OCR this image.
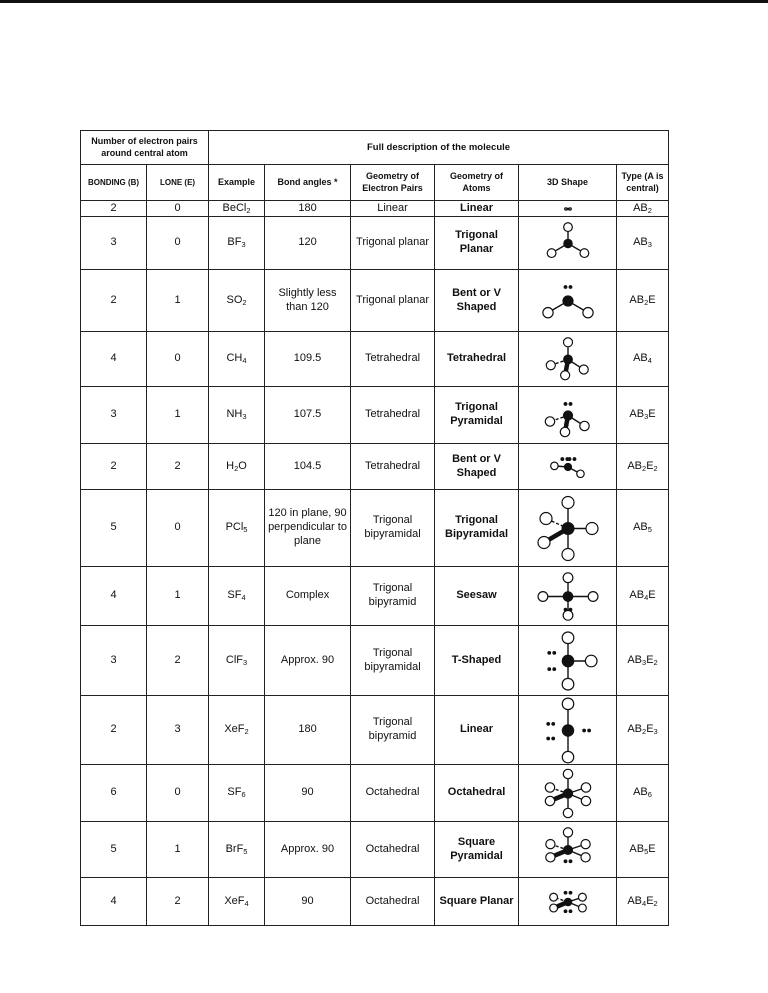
Number of electron pairs around central atom		Full description of the molecule					
BONDING (B)	LONE (E)	Example	Bond angles *	Geometry of Electron Pairs	Geometry of Atoms	3D Shape	Type (A is central)
2	0	BeCl$_2$	180	Linear	Linear		$AB_2$
3	0	$BF_3$	120	Trigonal planar	Trigonal Planar		$AB_3$
2	1	$SO_2$	Slightly less than 120	Trigonal planar	Bent or V Shaped		$AB_2E$
4	0	$CH_4$	109.5	Tetrahedral	Tetrahedral		$AB_4$
3	1	$NH_3$	107.5	Tetrahedral	Trigonal Pyramidal		$AB_3E$
2	2	$H_2O$	104.5	Tetrahedral	Bent or V Shaped		$AB_2E_2$
5	0	PCl$_5$	120 in plane, 90 perpendicular to plane	Trigonal bipyramidal	Trigonal Bipyramidal		$AB_5$
4	1	$SF_4$	Complex	Trigonal bipyramid	Seesaw		$AB_4E$
3	2	ClF$_3$	Approx. 90	Trigonal bipyramidal	T-Shaped		$AB_3E_2$
2	3	XeF$_2$	180	Trigonal bipyramid	Linear		$AB_2E_3$
6	0	$SF_6$	90	Octahedral	Octahedral		$AB_6$
5	1	BrF$_5$	Approx. 90	Octahedral	Square Pyramidal		$AB_5E$
4	2	XeF$_4$	90	Octahedral	Square Planar		$AB_4E_2$
